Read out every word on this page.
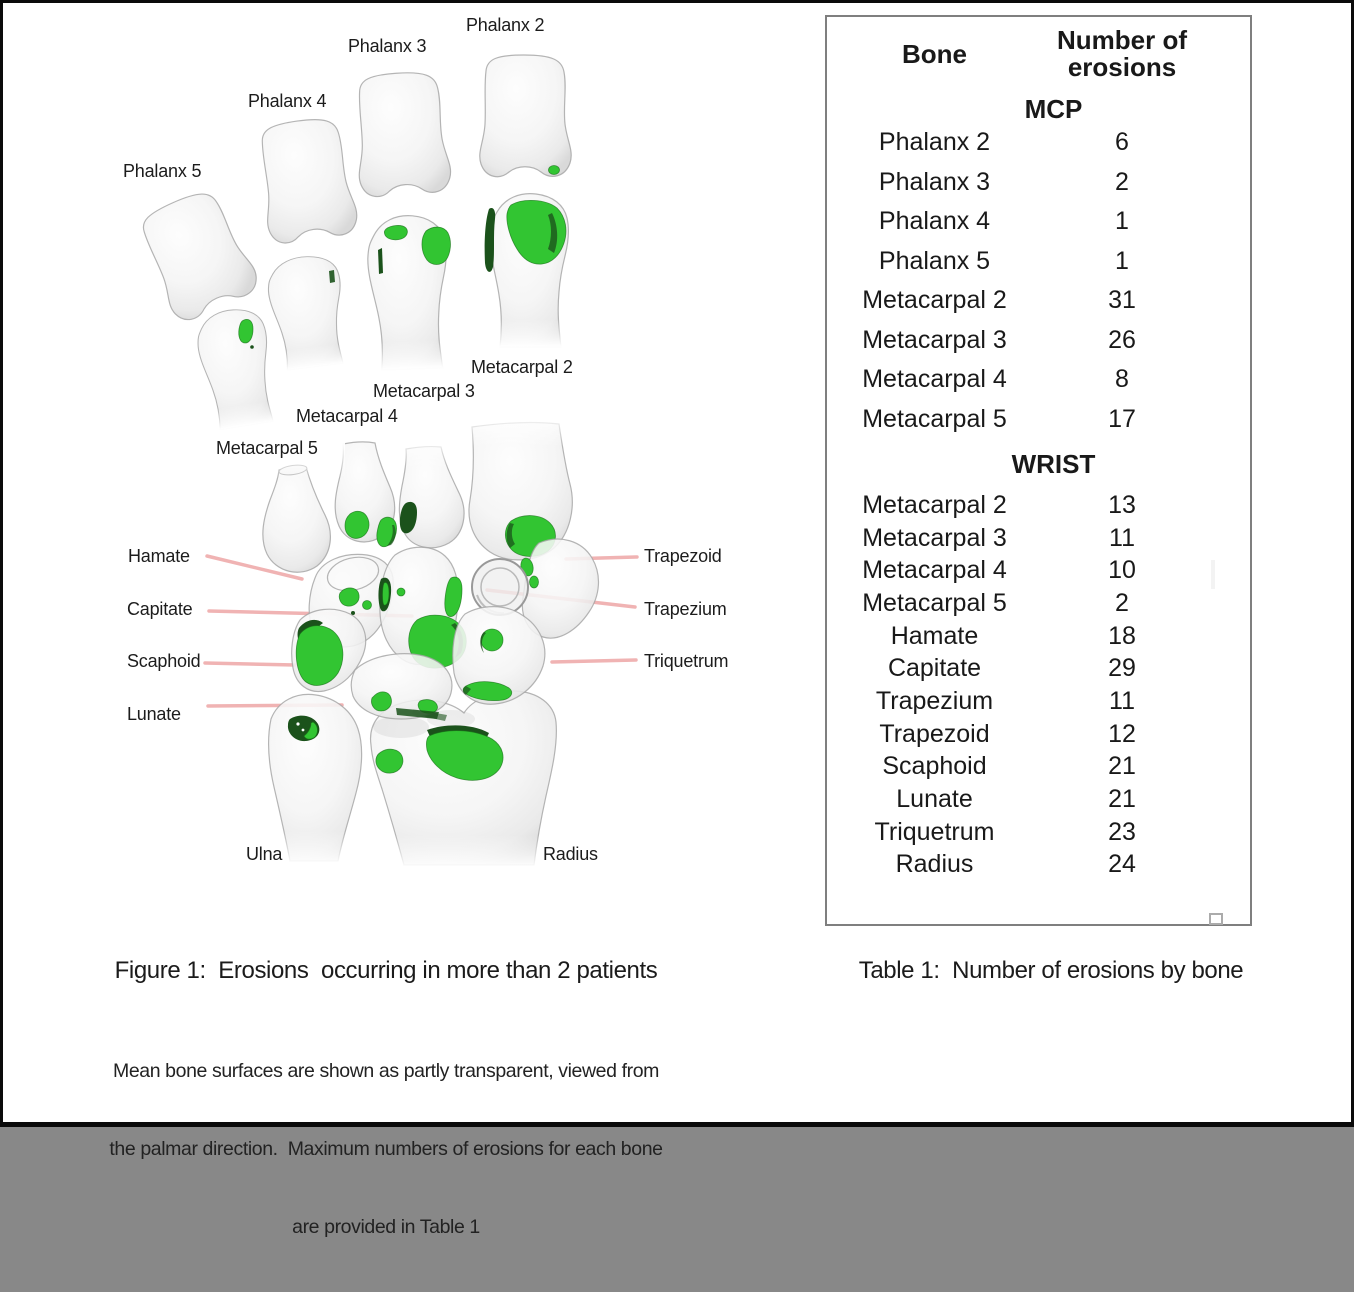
Phalanx 2
Phalanx 3
Phalanx 4
Phalanx 5
Metacarpal 2
Metacarpal 3
Metacarpal 4
Metacarpal 5
Hamate
Capitate
Scaphoid
Lunate
Trapezoid
Trapezium
Triquetrum
Ulna	Radius
Bone	Number of
erosions
MCP
Phalanx 2	6
Phalanx 3	2
Phalanx 4	1
Phalanx 5	1
Metacarpal 2	31
Metacarpal 3	26
Metacarpal 4	8
Metacarpal 5	17
WRIST
Metacarpal 2	13
Metacarpal 3	11
Metacarpal 4	10
Metacarpal 5	2
Hamate	18
Capitate	29
Trapezium	11
Trapezoid	12
Scaphoid	21
Lunate	21
Triquetrum	23
Radius	24
Figure 1:  Erosions  occurring in more than 2 patients

Mean bone surfaces are shown as partly transparent, viewed from

the palmar direction.  Maximum numbers of erosions for each bone

are provided in Table 1

Table 1:  Number of erosions by bone
